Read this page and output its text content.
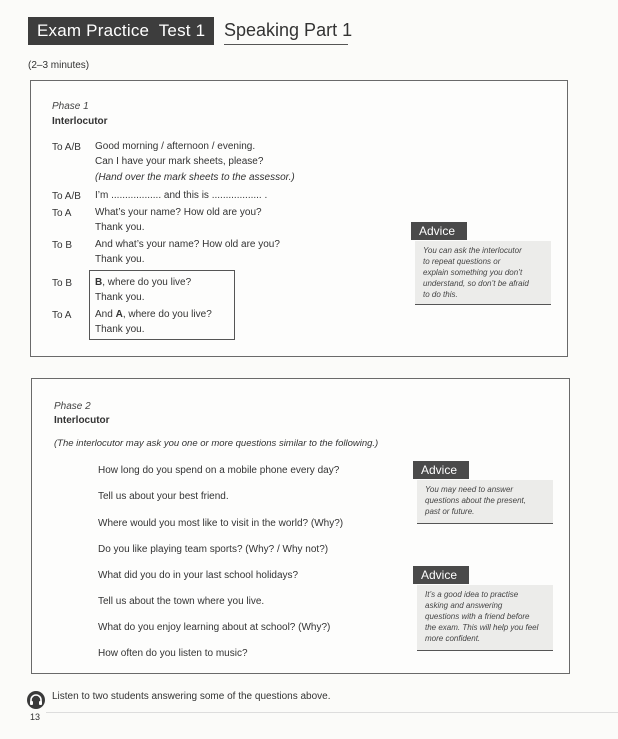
Exam Practice  Test 1	Speaking Part 1
(2–3 minutes)
Phase 1
Interlocutor
To A/B Good morning / afternoon / evening.
Can I have your mark sheets, please?
(Hand over the mark sheets to the assessor.)
To A/B I’m .................. and this is .................. .
To A What’s your name? How old are you?
Thank you.
To B And what’s your name? How old are you?
Thank you.
To B B, where do you live?
Thank you.
To A And A, where do you live?
Thank you.
Advice
You can ask the interlocutor
to repeat questions or
explain something you don’t
understand, so don’t be afraid
to do this.
Phase 2
Interlocutor
(The interlocutor may ask you one or more questions similar to the following.)
How long do you spend on a mobile phone every day?
Tell us about your best friend.
Where would you most like to visit in the world? (Why?)
Do you like playing team sports? (Why? / Why not?)
What did you do in your last school holidays?
Tell us about the town where you live.
What do you enjoy learning about at school? (Why?)
How often do you listen to music?
Advice
You may need to answer
questions about the present,
past or future.
Advice
It’s a good idea to practise
asking and answering
questions with a friend before
the exam. This will help you feel
more confident.
13
Listen to two students answering some of the questions above.
